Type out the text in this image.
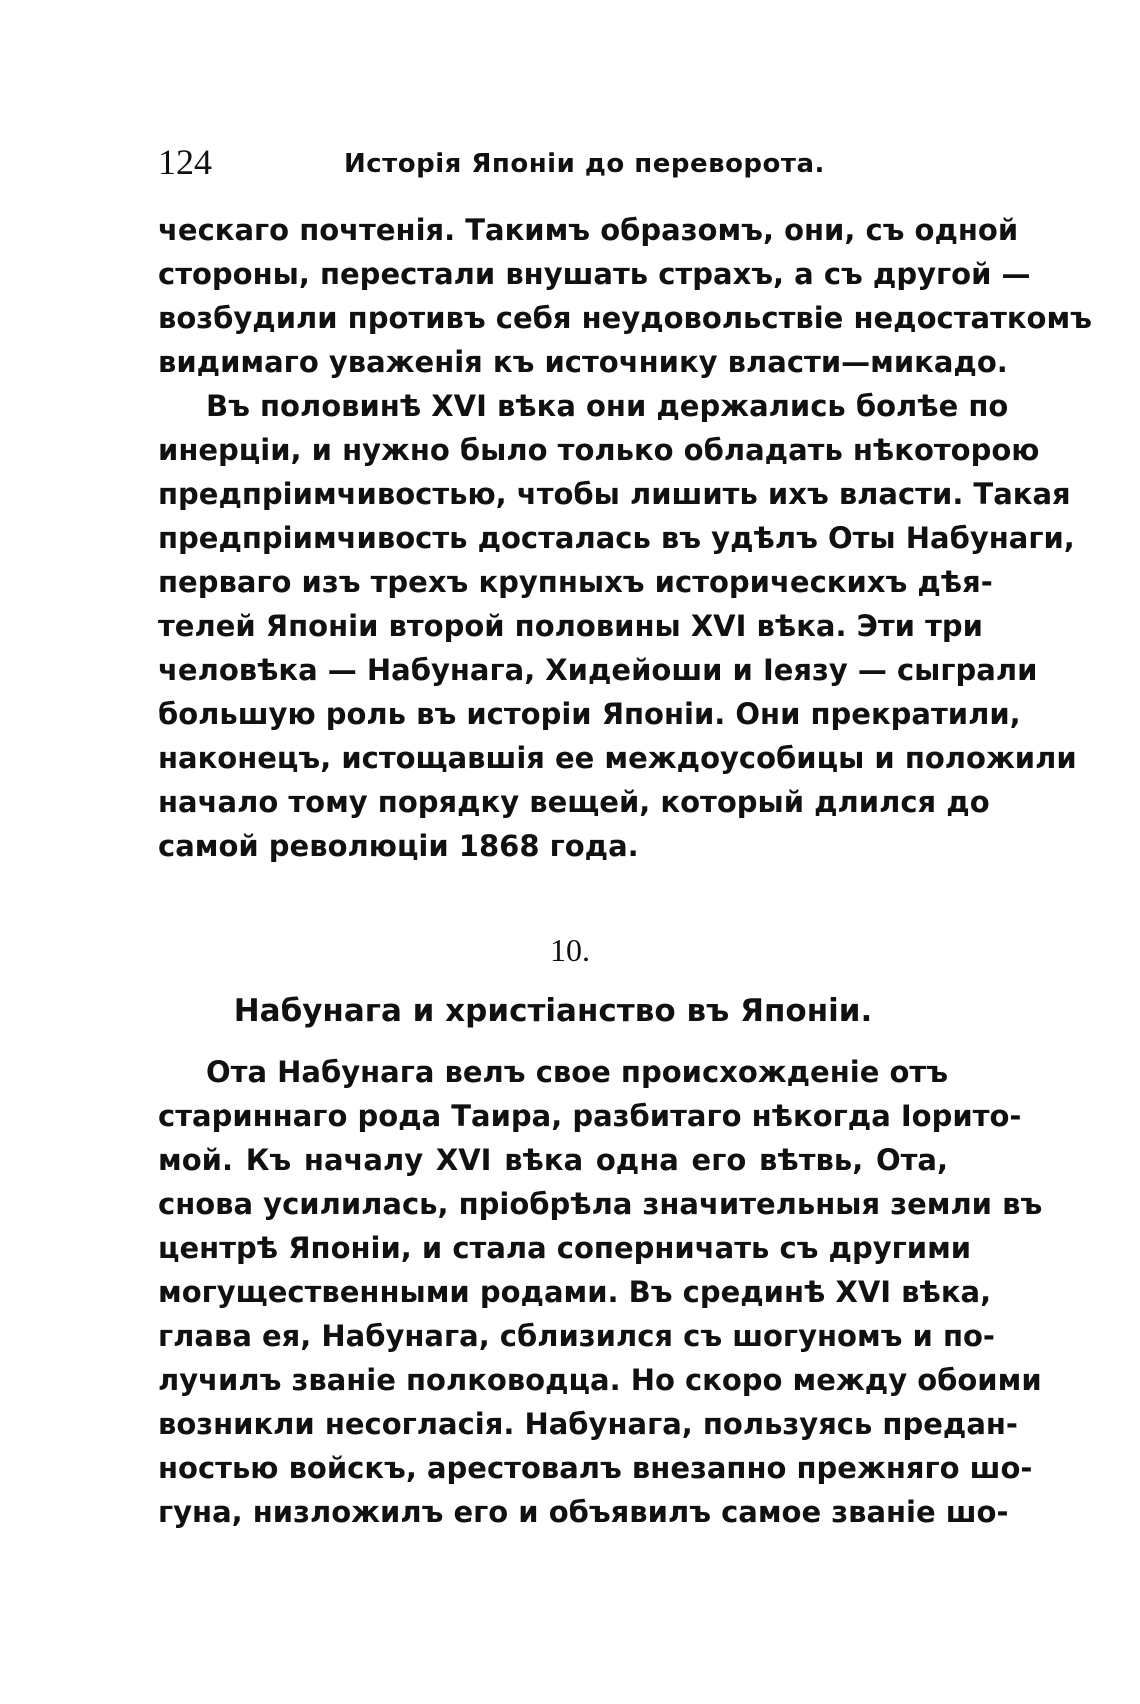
124	Исторія Японіи до переворота.
ческаго почтенія. Такимъ образомъ, они, съ одной
стороны, перестали внушать страхъ, а съ другой —
возбудили противъ себя неудовольствіе недостаткомъ
видимаго уваженія къ источнику власти—микадо.
Въ половинѣ XVI вѣка они держались болѣе по
инерціи, и нужно было только обладать нѣкоторою
предпріимчивостью, чтобы лишить ихъ власти. Такая
предпріимчивость досталась въ удѣлъ Оты Набунаги,
перваго изъ трехъ крупныхъ историческихъ дѣя-
телей Японіи второй половины XVI вѣка. Эти три
человѣка — Набунага, Хидейоши и Іеязу — сыграли
большую роль въ исторіи Японіи. Они прекратили,
наконецъ, истощавшія ее междоусобицы и положили
начало тому порядку вещей, который длился до
самой революціи 1868 года.
10.
Набунага и христіанство въ Японіи.
Ота Набунага велъ свое происхожденіе отъ
стариннаго рода Таира, разбитаго нѣкогда Іорито-
мой. Къ началу XVI вѣка одна его вѣтвь, Ота,
снова усилилась, пріобрѣла значительныя земли въ
центрѣ Японіи, и стала соперничать съ другими
могущественными родами. Въ срединѣ XVI вѣка,
глава ея, Набунага, сблизился съ шогуномъ и по-
лучилъ званіе полководца. Но скоро между обоими
возникли несогласія. Набунага, пользуясь предан-
ностью войскъ, арестовалъ внезапно прежняго шо-
гуна, низложилъ его и объявилъ самое званіе шо-
